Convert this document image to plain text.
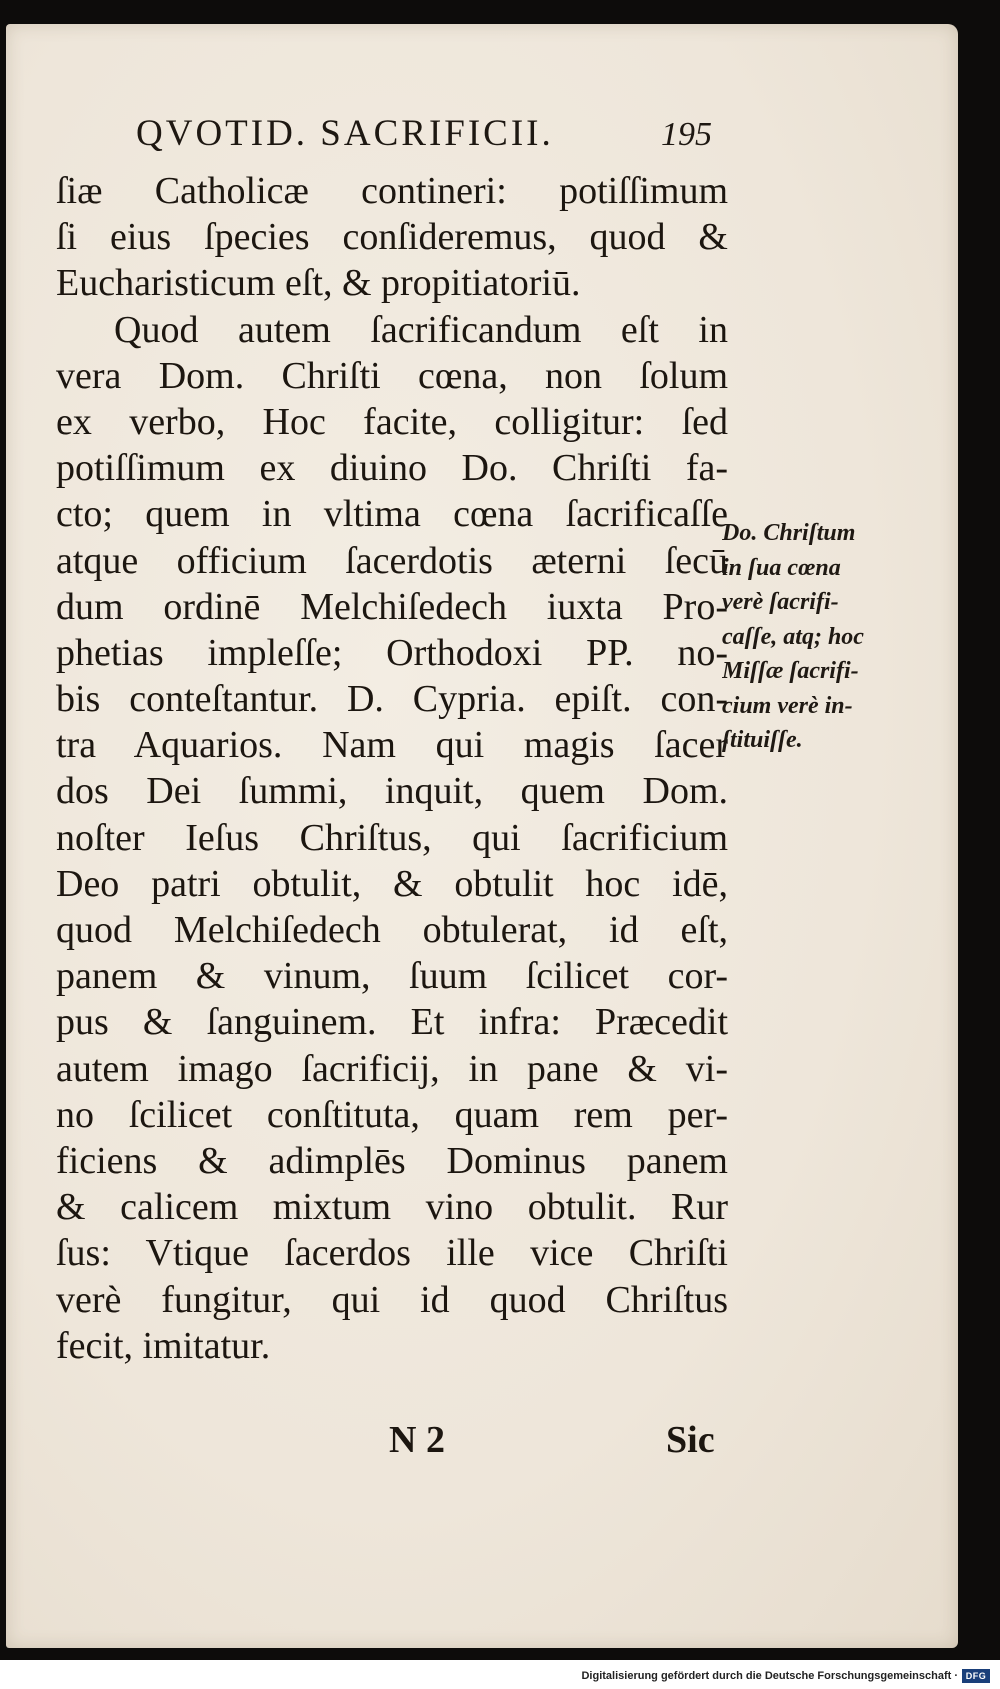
QVOTID. SACRIFICII.	195
ſiæ Catholicæ contineri: potiſſimum
ſi eius ſpecies conſideremus, quod &
Eucharisticum eſt, & propitiatoriū.
Quod autem ſacrificandum eſt in
vera Dom. Chriſti cœna, non ſolum
ex verbo, Hoc facite, colligitur: ſed
potiſſimum ex diuino Do. Chriſti fa-
cto; quem in vltima cœna ſacrificaſſe
atque officium ſacerdotis æterni ſecū
dum ordinē Melchiſedech iuxta Pro-
phetias impleſſe; Orthodoxi PP. no-
bis conteſtantur. D. Cypria. epiſt. con-
tra Aquarios. Nam qui magis ſacer
dos Dei ſummi, inquit, quem Dom.
noſter Ieſus Chriſtus, qui ſacrificium
Deo patri obtulit, & obtulit hoc idē,
quod Melchiſedech obtulerat, id eſt,
panem & vinum, ſuum ſcilicet cor-
pus & ſanguinem. Et infra: Præcedit
autem imago ſacrificij, in pane & vi-
no ſcilicet conſtituta, quam rem per-
ficiens & adimplēs Dominus panem
& calicem mixtum vino obtulit. Rur
ſus: Vtique ſacerdos ille vice Chriſti
verè fungitur, qui id quod Chriſtus
fecit, imitatur.
Do. Chriſtum
in ſua cœna
verè ſacrifi-
caſſe, atq; hoc
Miſſæ ſacrifi-
cium verè in-
ſtituiſſe.
N 2	Sic
Digitalisierung gefördert durch die Deutsche Forschungsgemeinschaft · DFG
